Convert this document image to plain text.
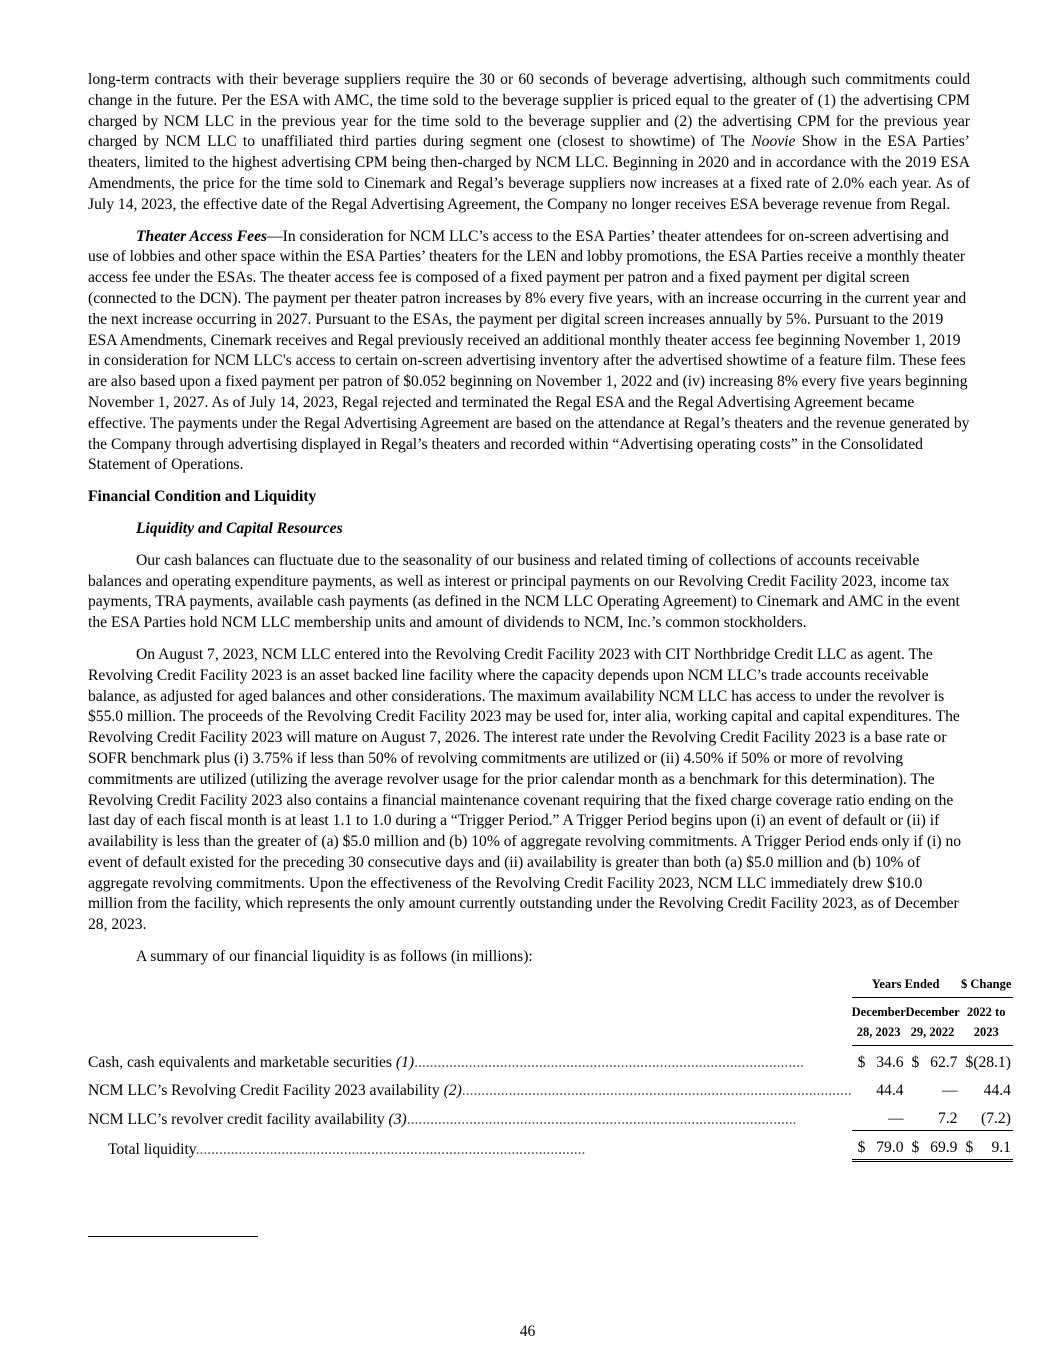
long-term contracts with their beverage suppliers require the 30 or 60 seconds of beverage advertising, although such commitments could change in the future. Per the ESA with AMC, the time sold to the beverage supplier is priced equal to the greater of (1) the advertising CPM charged by NCM LLC in the previous year for the time sold to the beverage supplier and (2) the advertising CPM for the previous year charged by NCM LLC to unaffiliated third parties during segment one (closest to showtime) of The Noovie Show in the ESA Parties’ theaters, limited to the highest advertising CPM being then-charged by NCM LLC. Beginning in 2020 and in accordance with the 2019 ESA Amendments, the price for the time sold to Cinemark and Regal’s beverage suppliers now increases at a fixed rate of 2.0% each year. As of July 14, 2023, the effective date of the Regal Advertising Agreement, the Company no longer receives ESA beverage revenue from Regal.

Theater Access Fees—In consideration for NCM LLC’s access to the ESA Parties’ theater attendees for on-screen advertising and use of lobbies and other space within the ESA Parties’ theaters for the LEN and lobby promotions, the ESA Parties receive a monthly theater access fee under the ESAs. The theater access fee is composed of a fixed payment per patron and a fixed payment per digital screen (connected to the DCN). The payment per theater patron increases by 8% every five years, with an increase occurring in the current year and the next increase occurring in 2027. Pursuant to the ESAs, the payment per digital screen increases annually by 5%. Pursuant to the 2019 ESA Amendments, Cinemark receives and Regal previously received an additional monthly theater access fee beginning November 1, 2019 in consideration for NCM LLC's access to certain on-screen advertising inventory after the advertised showtime of a feature film. These fees are also based upon a fixed payment per patron of $0.052 beginning on November 1, 2022 and (iv) increasing 8% every five years beginning November 1, 2027. As of July 14, 2023, Regal rejected and terminated the Regal ESA and the Regal Advertising Agreement became effective. The payments under the Regal Advertising Agreement are based on the attendance at Regal’s theaters and the revenue generated by the Company through advertising displayed in Regal’s theaters and recorded within “Advertising operating costs” in the Consolidated Statement of Operations.

Financial Condition and Liquidity

Liquidity and Capital Resources

Our cash balances can fluctuate due to the seasonality of our business and related timing of collections of accounts receivable balances and operating expenditure payments, as well as interest or principal payments on our Revolving Credit Facility 2023, income tax payments, TRA payments, available cash payments (as defined in the NCM LLC Operating Agreement) to Cinemark and AMC in the event the ESA Parties hold NCM LLC membership units and amount of dividends to NCM, Inc.’s common stockholders.

On August 7, 2023, NCM LLC entered into the Revolving Credit Facility 2023 with CIT Northbridge Credit LLC as agent. The Revolving Credit Facility 2023 is an asset backed line facility where the capacity depends upon NCM LLC’s trade accounts receivable balance, as adjusted for aged balances and other considerations. The maximum availability NCM LLC has access to under the revolver is $55.0 million. The proceeds of the Revolving Credit Facility 2023 may be used for, inter alia, working capital and capital expenditures. The Revolving Credit Facility 2023 will mature on August 7, 2026. The interest rate under the Revolving Credit Facility 2023 is a base rate or SOFR benchmark plus (i) 3.75% if less than 50% of revolving commitments are utilized or (ii) 4.50% if 50% or more of revolving commitments are utilized (utilizing the average revolver usage for the prior calendar month as a benchmark for this determination). The Revolving Credit Facility 2023 also contains a financial maintenance covenant requiring that the fixed charge coverage ratio ending on the last day of each fiscal month is at least 1.1 to 1.0 during a “Trigger Period.” A Trigger Period begins upon (i) an event of default or (ii) if availability is less than the greater of (a) $5.0 million and (b) 10% of aggregate revolving commitments. A Trigger Period ends only if (i) no event of default existed for the preceding 30 consecutive days and (ii) availability is greater than both (a) $5.0 million and (b) 10% of aggregate revolving commitments. Upon the effectiveness of the Revolving Credit Facility 2023, NCM LLC immediately drew $10.0 million from the facility, which represents the only amount currently outstanding under the Revolving Credit Facility 2023, as of December 28, 2023.

A summary of our financial liquidity is as follows (in millions):

	Years Ended				$ Change	
	December 28, 2023		December 29, 2022		2022 to 2023	
Cash, cash equivalents and marketable securities (1)....................................................................................................	$	34.6		$	62.7		$	(28.1)
NCM LLC’s Revolving Credit Facility 2023 availability (2)....................................................................................................		44.4			—			44.4
NCM LLC’s revolver credit facility availability (3)....................................................................................................		—			7.2			(7.2)
Total liquidity....................................................................................................	$	79.0		$	69.9		$	9.1
46
